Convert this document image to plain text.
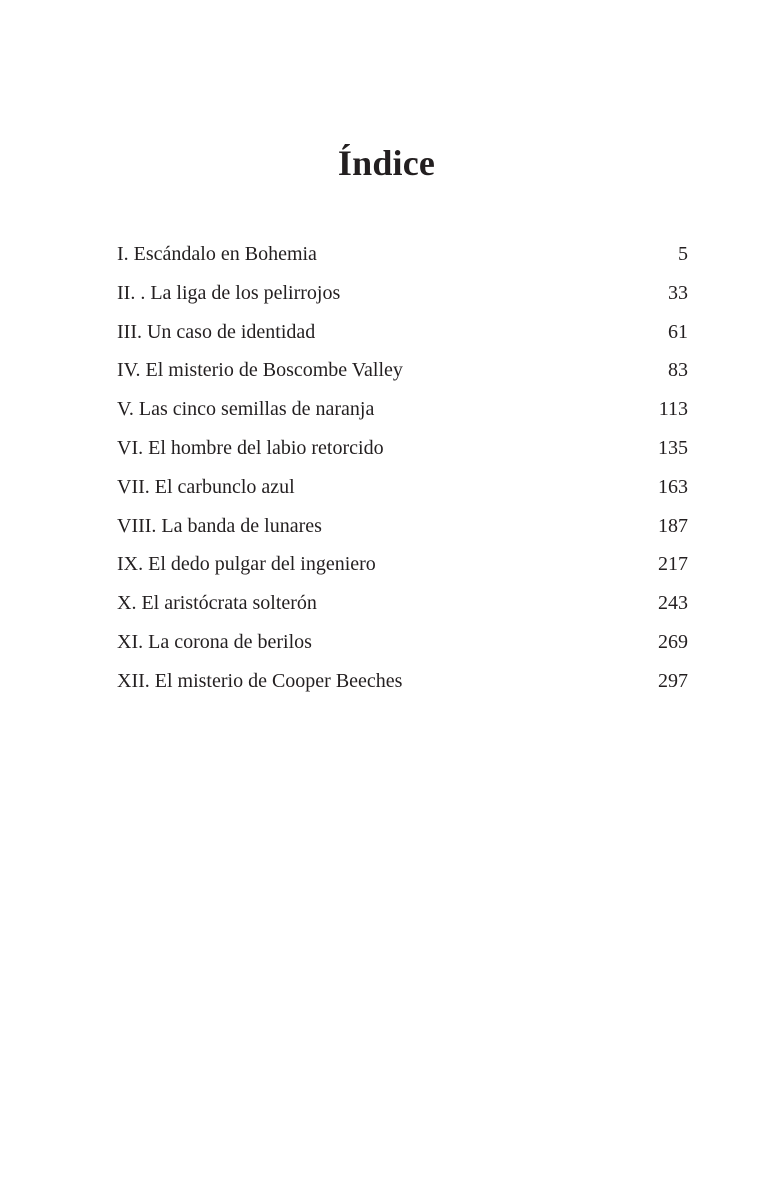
Índice
I. Escándalo en Bohemia	5
II. . La liga de los pelirrojos	33
III. Un caso de identidad	61
IV. El misterio de Boscombe Valley	83
V. Las cinco semillas de naranja	113
VI. El hombre del labio retorcido	135
VII. El carbunclo azul	163
VIII. La banda de lunares	187
IX. El dedo pulgar del ingeniero	217
X. El aristócrata solterón	243
XI. La corona de berilos	269
XII. El misterio de Cooper Beeches	297
